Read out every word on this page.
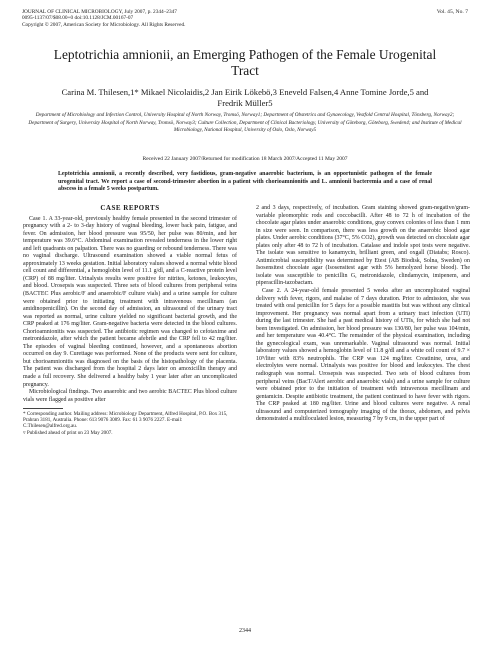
JOURNAL OF CLINICAL MICROBIOLOGY, July 2007, p. 2344–2347
0095-1137/07/$08.00+0 doi:10.1128/JCM.00167-07
Copyright © 2007, American Society for Microbiology. All Rights Reserved.
Vol. 45, No. 7
Leptotrichia amnionii, an Emerging Pathogen of the Female Urogenital Tract
Carina M. Thilesen,1* Mikael Nicolaidis,2 Jan Eirik Lökebö,3 Eneveld Falsen,4 Anne Tomine Jorde,5 and Fredrik Müller5
Department of Microbiology and Infection Control, University Hospital of North Norway, Tromsö, Norway1; Department of Obstetrics and Gynaecology, Vestfold Central Hospital, Tönsberg, Norway2; Department of Surgery, University Hospital of North Norway, Tromsö, Norway3; Culture Collection, Department of Clinical Bacteriology, University of Göteborg, Göteborg, Sweden4; and Institute of Medical Microbiology, National Hospital, University of Oslo, Oslo, Norway5
Received 22 January 2007/Returned for modification 18 March 2007/Accepted 11 May 2007
Leptotrichia amnionii, a recently described, very fastidious, gram-negative anaerobic bacterium, is an opportunistic pathogen of the female urogenital tract. We report a case of second-trimester abortion in a patient with chorioamnionitis and L. amnionii bacteremia and a case of renal abscess in a female 5 weeks postpartum.
CASE REPORTS

Case 1. A 33-year-old, previously healthy female presented in the second trimester of pregnancy with a 2- to 3-day history of vaginal bleeding, lower back pain, fatigue, and fever. On admission, her blood pressure was 95/50, her pulse was 80/min, and her temperature was 39.6°C. Abdominal examination revealed tenderness in the lower right and left quadrants on palpation. There was no guarding or rebound tenderness. There was no vaginal discharge. Ultrasound examination showed a viable normal fetus of approximately 13 weeks gestation. Initial laboratory values showed a normal white blood cell count and differential, a hemoglobin level of 11.1 g/dl, and a C-reactive protein level (CRP) of 88 mg/liter. Urinalysis results were positive for nitrites, ketones, leukocytes, and blood. Urosepsis was suspected. Three sets of blood cultures from peripheral veins (BACTEC Plus aerobic/F and anaerobic/F culture vials) and a urine sample for culture were obtained prior to initiating treatment with intravenous mecillinam (an amidinopenicillin). On the second day of admission, an ultrasound of the urinary tract was reported as normal, urine culture yielded no significant bacterial growth, and the CRP peaked at 176 mg/liter. Gram-negative bacteria were detected in the blood cultures. Chorioamnionitis was suspected. The antibiotic regimen was changed to cefotaxime and metronidazole, after which the patient became afebrile and the CRP fell to 42 mg/liter. The episodes of vaginal bleeding continued, however, and a spontaneous abortion occurred on day 9. Curettage was performed. None of the products were sent for culture, but chorioamnionitis was diagnosed on the basis of the histopathology of the placenta. The patient was discharged from the hospital 2 days later on amoxicillin therapy and made a full recovery. She delivered a healthy baby 1 year later after an uncomplicated pregnancy.

Microbiological findings. Two anaerobic and two aerobic BACTEC Plus blood culture vials were flagged as positive after

* Corresponding author. Mailing address: Microbiology Department, Alfred Hospital, P.O. Box 315, Prahran 3181, Australia. Phone: 613 9076 3089. Fax: 61 3 9076 2227. E-mail: C.Thilesen@alfred.org.au.
▿ Published ahead of print on 23 May 2007.

2 and 3 days, respectively, of incubation. Gram staining showed gram-negative/gram-variable pleomorphic rods and coccobacilli. After 48 to 72 h of incubation of the chocolate agar plates under anaerobic conditions, gray convex colonies of less than 1 mm in size were seen. In comparison, there was less growth on the anaerobic blood agar plates. Under aerobic conditions (37°C, 5% CO2), growth was detected on chocolate agar plates only after 48 to 72 h of incubation. Catalase and indole spot tests were negative. The isolate was sensitive to kanamycin, brilliant green, and oxgall (Diatabs; Rosco). Antimicrobial susceptibility was determined by Etest (AB Biodisk, Solna, Sweden) on Isosensitest chocolate agar (Isosensitest agar with 5% hemolyzed horse blood). The isolate was susceptible to penicillin G, metronidazole, clindamycin, imipenem, and piperacillin-tazobactam.

Case 2. A 24-year-old female presented 5 weeks after an uncomplicated vaginal delivery with fever, rigors, and malaise of 7 days duration. Prior to admission, she was treated with oral penicillin for 5 days for a possible mastitis but was without any clinical improvement. Her pregnancy was normal apart from a urinary tract infection (UTI) during the last trimester. She had a past medical history of UTIs, for which she had not been investigated. On admission, her blood pressure was 130/80, her pulse was 104/min, and her temperature was 40.4°C. The remainder of the physical examination, including the gynecological exam, was unremarkable. Vaginal ultrasound was normal. Initial laboratory values showed a hemoglobin level of 11.8 g/dl and a white cell count of 9.7 × 10⁹/liter with 83% neutrophils. The CRP was 124 mg/liter. Creatinine, urea, and electrolytes were normal. Urinalysis was positive for blood and leukocytes. The chest radiograph was normal. Urosepsis was suspected. Two sets of blood cultures from peripheral veins (BacT/Alert aerobic and anaerobic vials) and a urine sample for culture were obtained prior to the initiation of treatment with intravenous mecillinam and gentamicin. Despite antibiotic treatment, the patient continued to have fever with rigors. The CRP peaked at 180 mg/liter. Urine and blood cultures were negative. A renal ultrasound and computerized tomography imaging of the thorax, abdomen, and pelvis demonstrated a multiloculated lesion, measuring 7 by 9 cm, in the upper part of

2344
